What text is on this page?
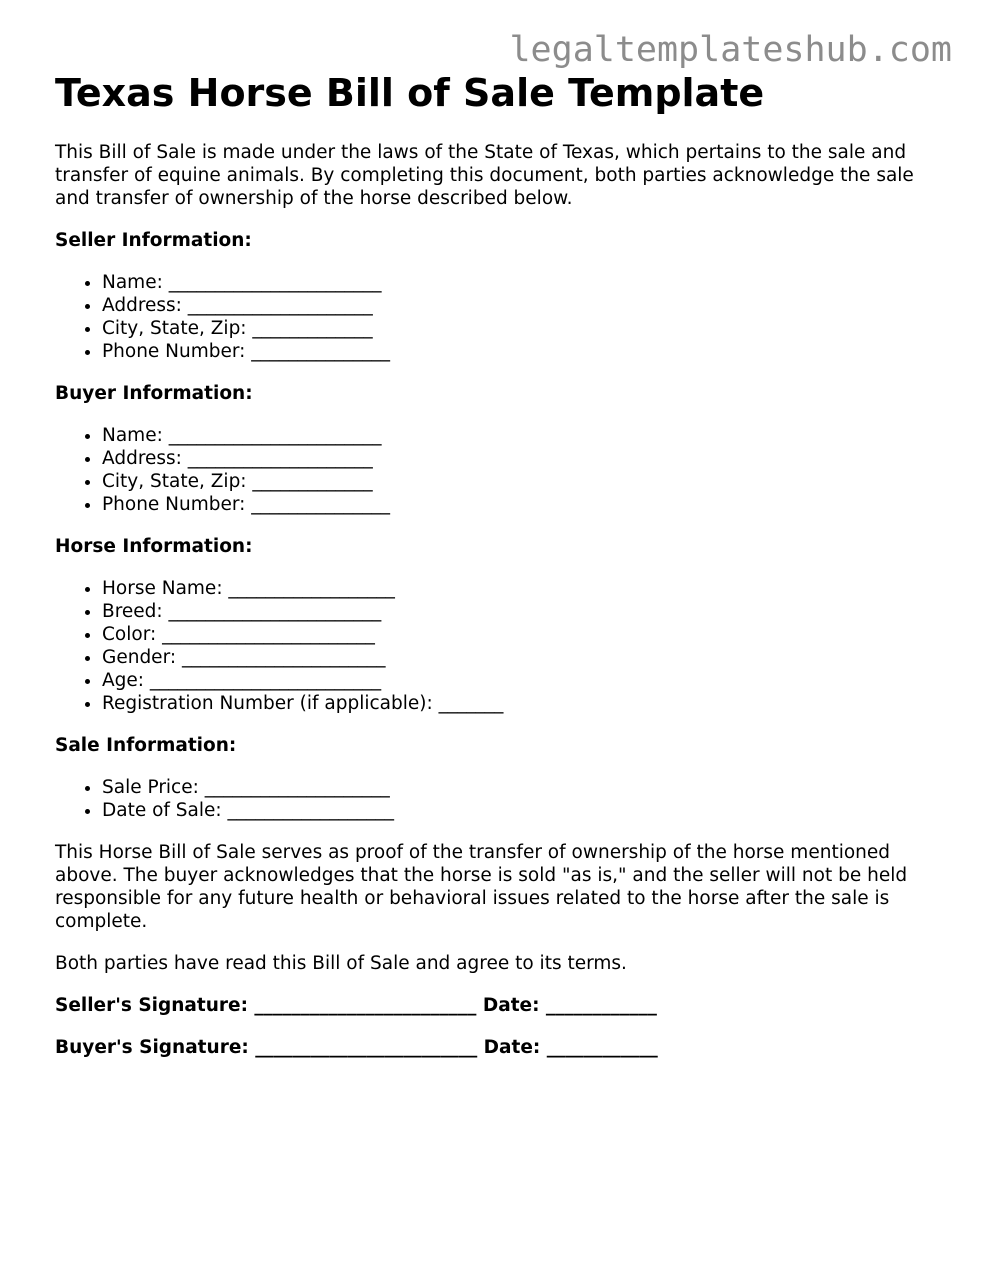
legaltemplateshub.com
Texas Horse Bill of Sale Template

This Bill of Sale is made under the laws of the State of Texas, which pertains to the sale and transfer of equine animals. By completing this document, both parties acknowledge the sale and transfer of ownership of the horse described below.

Seller Information:

• Name: _______________________
• Address: ____________________
• City, State, Zip: _____________
• Phone Number: _______________

Buyer Information:

• Name: _______________________
• Address: ____________________
• City, State, Zip: _____________
• Phone Number: _______________

Horse Information:

• Horse Name: __________________
• Breed: _______________________
• Color: _______________________
• Gender: ______________________
• Age: _________________________
• Registration Number (if applicable): _______

Sale Information:

• Sale Price: ____________________
• Date of Sale: __________________

This Horse Bill of Sale serves as proof of the transfer of ownership of the horse mentioned above. The buyer acknowledges that the horse is sold "as is," and the seller will not be held responsible for any future health or behavioral issues related to the horse after the sale is complete.

Both parties have read this Bill of Sale and agree to its terms.

Seller's Signature: ________________________ Date: ____________

Buyer's Signature: ________________________ Date: ____________
